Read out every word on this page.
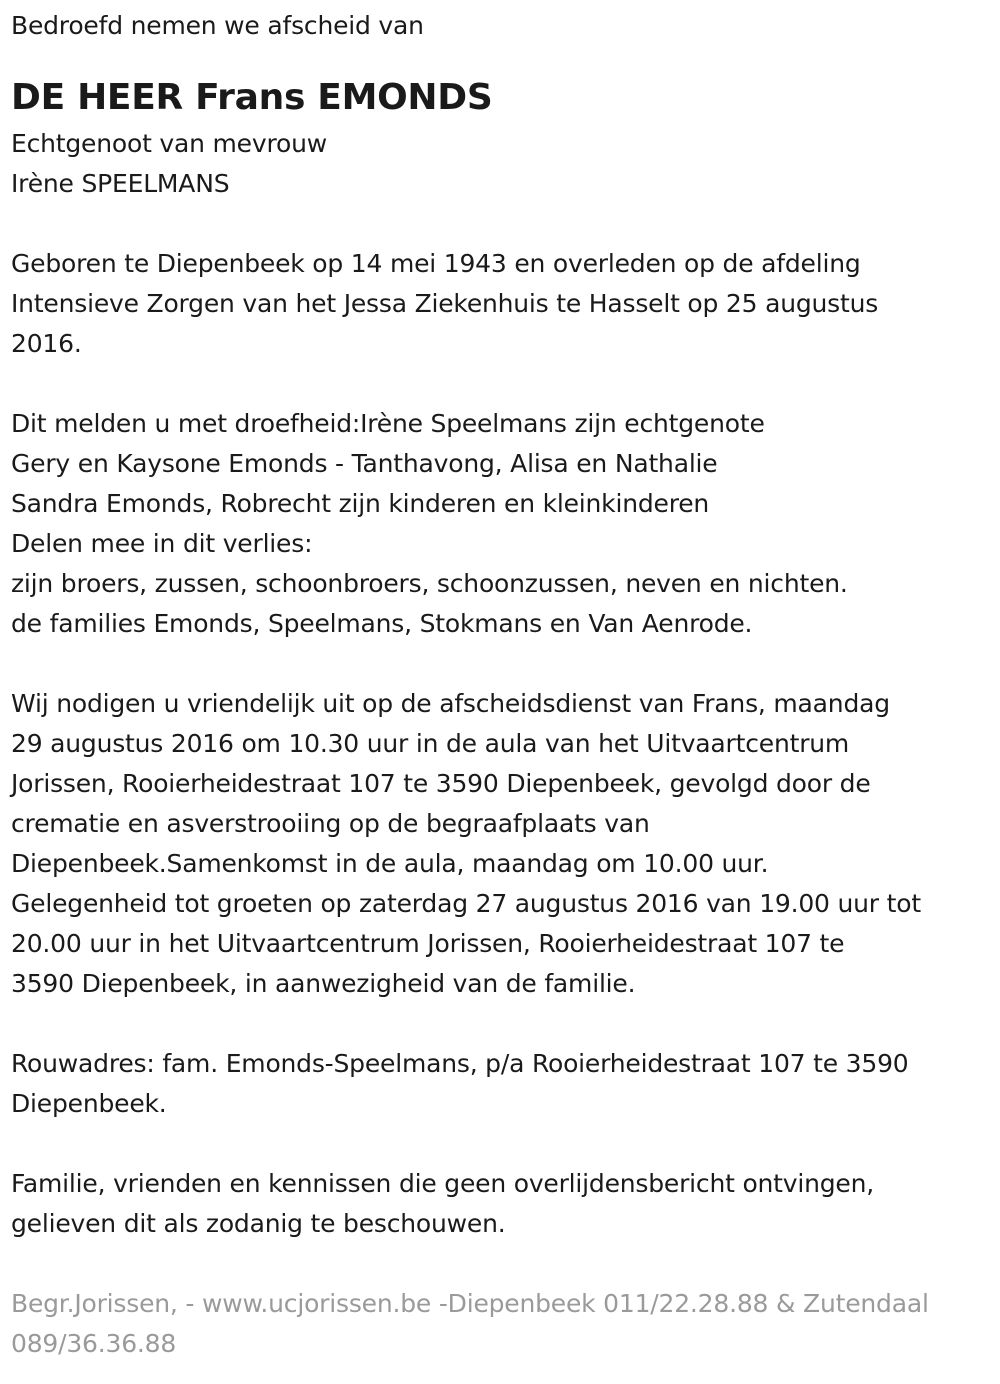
Bedroefd nemen we afscheid van
DE HEER Frans EMONDS
Echtgenoot van mevrouw
Irène SPEELMANS
Geboren te Diepenbeek op 14 mei 1943 en overleden op de afdeling
Intensieve Zorgen van het Jessa Ziekenhuis te Hasselt op 25 augustus
2016.
Dit melden u met droefheid:Irène Speelmans zijn echtgenote
Gery en Kaysone Emonds - Tanthavong, Alisa en Nathalie
Sandra Emonds, Robrecht zijn kinderen en kleinkinderen
Delen mee in dit verlies:
zijn broers, zussen, schoonbroers, schoonzussen, neven en nichten.
de families Emonds, Speelmans, Stokmans en Van Aenrode.
Wij nodigen u vriendelijk uit op de afscheidsdienst van Frans, maandag
29 augustus 2016 om 10.30 uur in de aula van het Uitvaartcentrum
Jorissen, Rooierheidestraat 107 te 3590 Diepenbeek, gevolgd door de
crematie en asverstrooiing op de begraafplaats van
Diepenbeek.Samenkomst in de aula, maandag om 10.00 uur.
Gelegenheid tot groeten op zaterdag 27 augustus 2016 van 19.00 uur tot
20.00 uur in het Uitvaartcentrum Jorissen, Rooierheidestraat 107 te
3590 Diepenbeek, in aanwezigheid van de familie.
Rouwadres: fam. Emonds-Speelmans, p/a Rooierheidestraat 107 te 3590
Diepenbeek.
Familie, vrienden en kennissen die geen overlijdensbericht ontvingen,
gelieven dit als zodanig te beschouwen.
Begr.Jorissen, - www.ucjorissen.be -Diepenbeek 011/22.28.88 & Zutendaal
089/36.36.88
